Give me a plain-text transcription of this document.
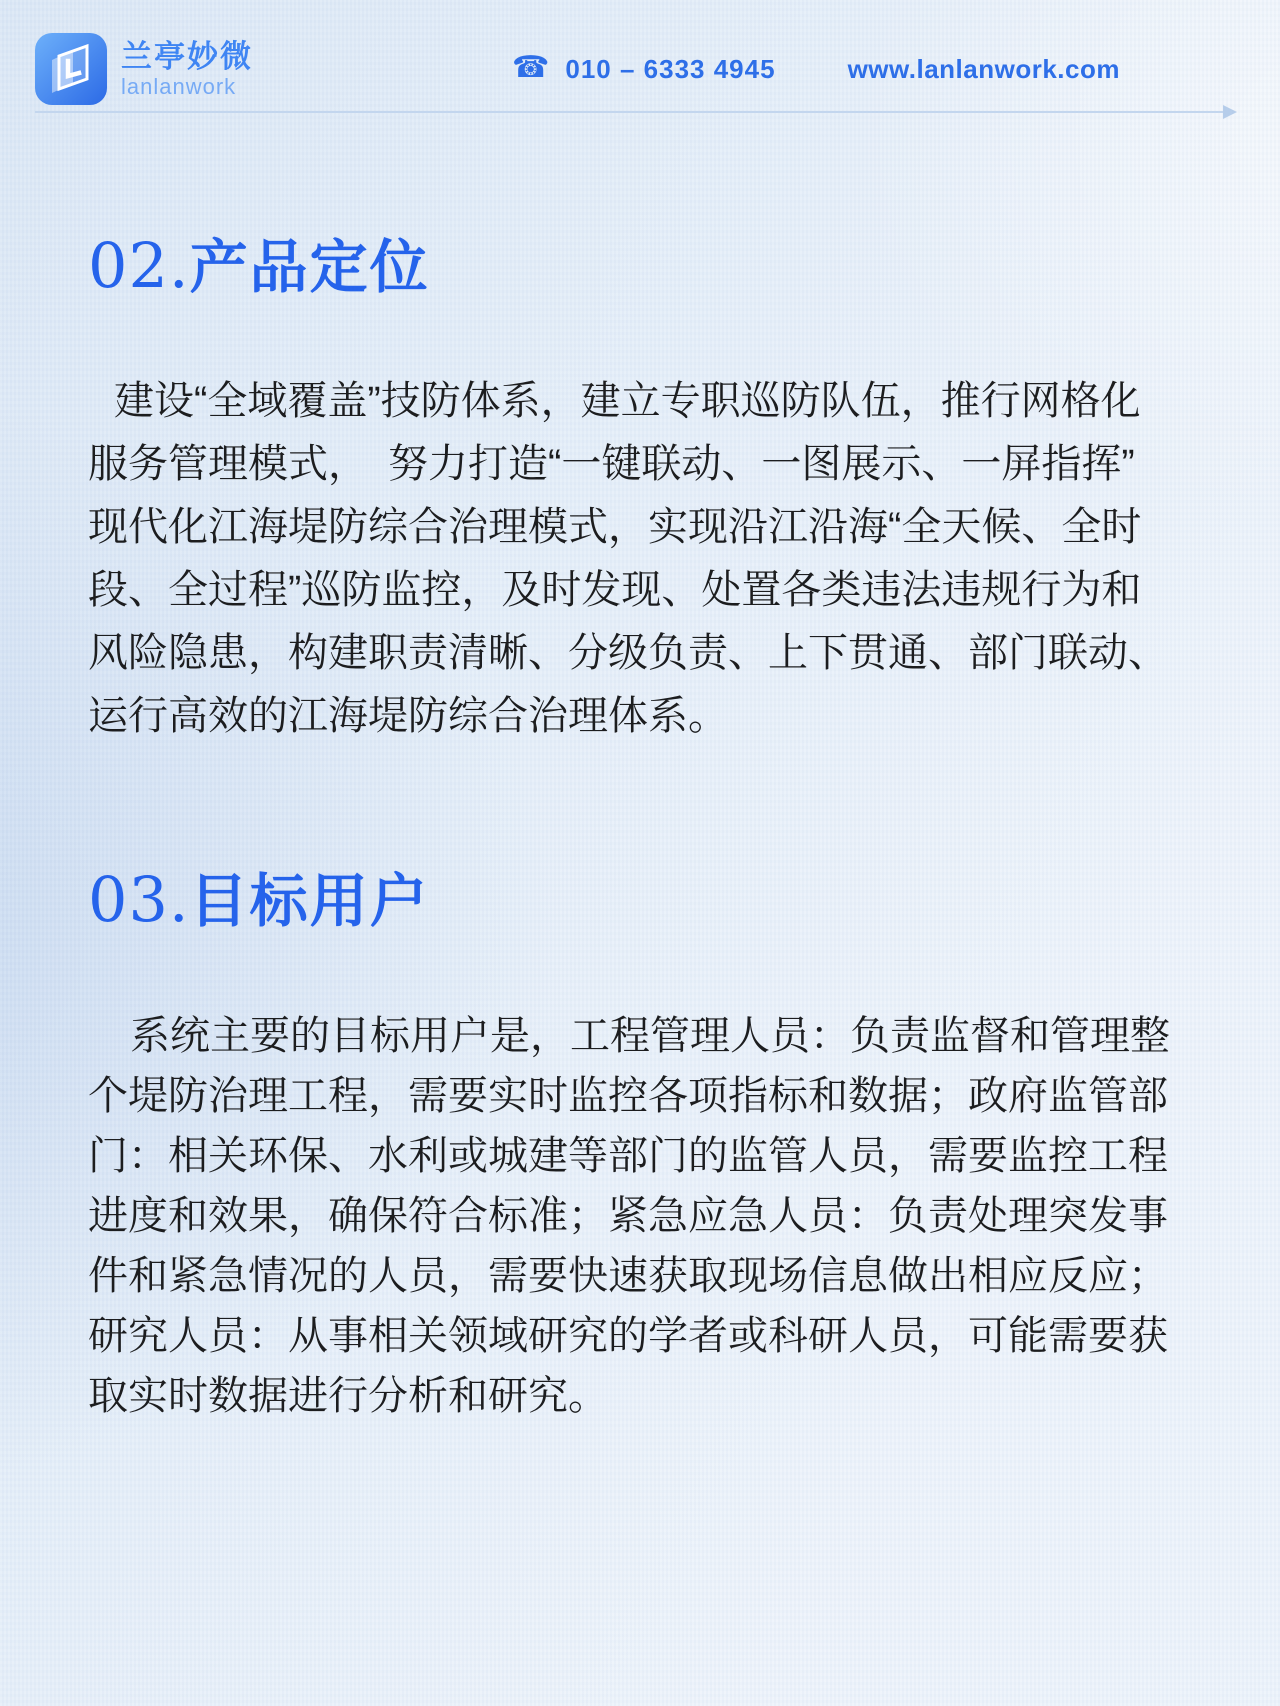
兰亭妙微
lanlanwork
☎ 010 – 6333 4945	www.lanlanwork.com
02. 产品定位
建设“全域覆盖”技防体系，建立专职巡防队伍，推行网格化
服务管理模式，　努力打造“一键联动、一图展示、一屏指挥”
现代化江海堤防综合治理模式，实现沿江沿海“全天候、全时
段、全过程”巡防监控，及时发现、处置各类违法违规行为和
风险隐患，构建职责清晰、分级负责、上下贯通、部门联动、
运行高效的江海堤防综合治理体系。
03. 目标用户
系统主要的目标用户是，工程管理人员：负责监督和管理整
个堤防治理工程，需要实时监控各项指标和数据；政府监管部
门：相关环保、水利或城建等部门的监管人员，需要监控工程
进度和效果，确保符合标准；紧急应急人员：负责处理突发事
件和紧急情况的人员，需要快速获取现场信息做出相应反应；
研究人员：从事相关领域研究的学者或科研人员，可能需要获
取实时数据进行分析和研究。
